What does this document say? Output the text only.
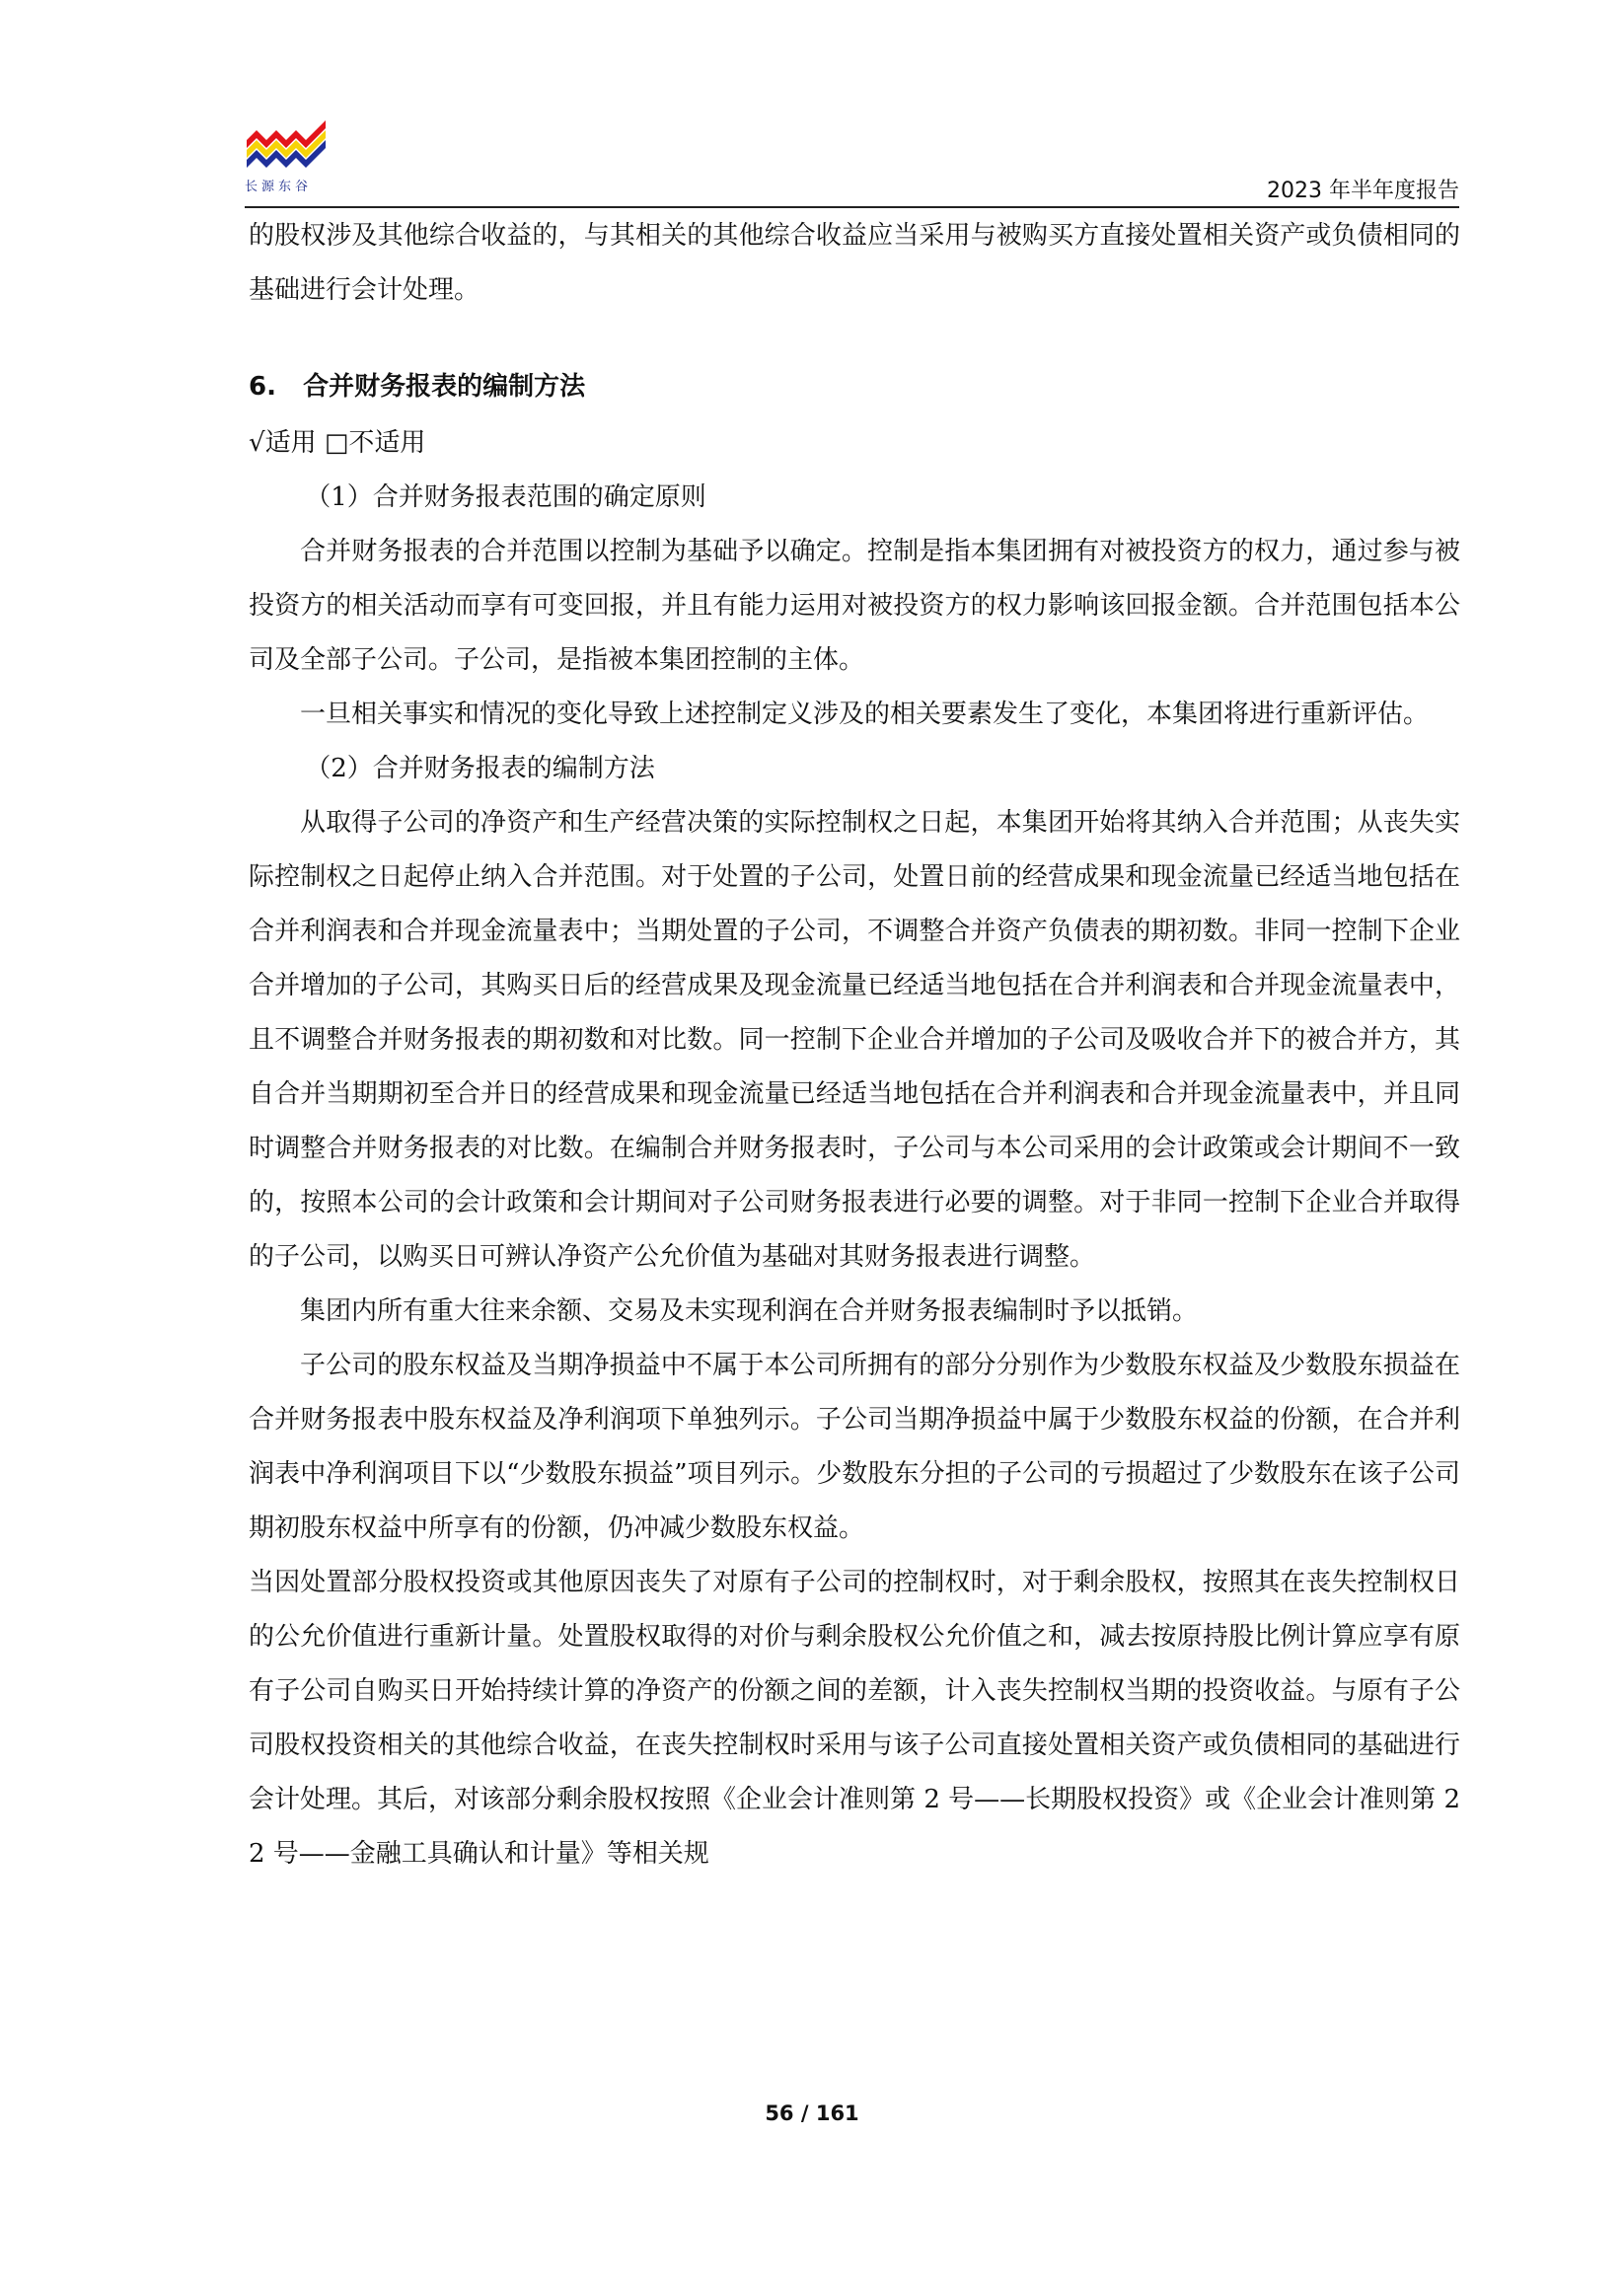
长源东谷	2023 年半年度报告

的股权涉及其他综合收益的，与其相关的其他综合收益应当采用与被购买方直接处置相关资产或负债相同的基础进行会计处理。

6. 合并财务报表的编制方法

√适用 □不适用

（1）合并财务报表范围的确定原则

合并财务报表的合并范围以控制为基础予以确定。控制是指本集团拥有对被投资方的权力，通过参与被投资方的相关活动而享有可变回报，并且有能力运用对被投资方的权力影响该回报金额。合并范围包括本公司及全部子公司。子公司，是指被本集团控制的主体。

一旦相关事实和情况的变化导致上述控制定义涉及的相关要素发生了变化，本集团将进行重新评估。

（2）合并财务报表的编制方法

从取得子公司的净资产和生产经营决策的实际控制权之日起，本集团开始将其纳入合并范围；从丧失实际控制权之日起停止纳入合并范围。对于处置的子公司，处置日前的经营成果和现金流量已经适当地包括在合并利润表和合并现金流量表中；当期处置的子公司，不调整合并资产负债表的期初数。非同一控制下企业合并增加的子公司，其购买日后的经营成果及现金流量已经适当地包括在合并利润表和合并现金流量表中，且不调整合并财务报表的期初数和对比数。同一控制下企业合并增加的子公司及吸收合并下的被合并方，其自合并当期期初至合并日的经营成果和现金流量已经适当地包括在合并利润表和合并现金流量表中，并且同时调整合并财务报表的对比数。在编制合并财务报表时，子公司与本公司采用的会计政策或会计期间不一致的，按照本公司的会计政策和会计期间对子公司财务报表进行必要的调整。对于非同一控制下企业合并取得的子公司，以购买日可辨认净资产公允价值为基础对其财务报表进行调整。

集团内所有重大往来余额、交易及未实现利润在合并财务报表编制时予以抵销。

子公司的股东权益及当期净损益中不属于本公司所拥有的部分分别作为少数股东权益及少数股东损益在合并财务报表中股东权益及净利润项下单独列示。子公司当期净损益中属于少数股东权益的份额，在合并利润表中净利润项目下以“少数股东损益”项目列示。少数股东分担的子公司的亏损超过了少数股东在该子公司期初股东权益中所享有的份额，仍冲减少数股东权益。

当因处置部分股权投资或其他原因丧失了对原有子公司的控制权时，对于剩余股权，按照其在丧失控制权日的公允价值进行重新计量。处置股权取得的对价与剩余股权公允价值之和，减去按原持股比例计算应享有原有子公司自购买日开始持续计算的净资产的份额之间的差额，计入丧失控制权当期的投资收益。与原有子公司股权投资相关的其他综合收益，在丧失控制权时采用与该子公司直接处置相关资产或负债相同的基础进行会计处理。其后，对该部分剩余股权按照《企业会计准则第 2 号——长期股权投资》或《企业会计准则第 22 号——金融工具确认和计量》等相关规

56 / 161
